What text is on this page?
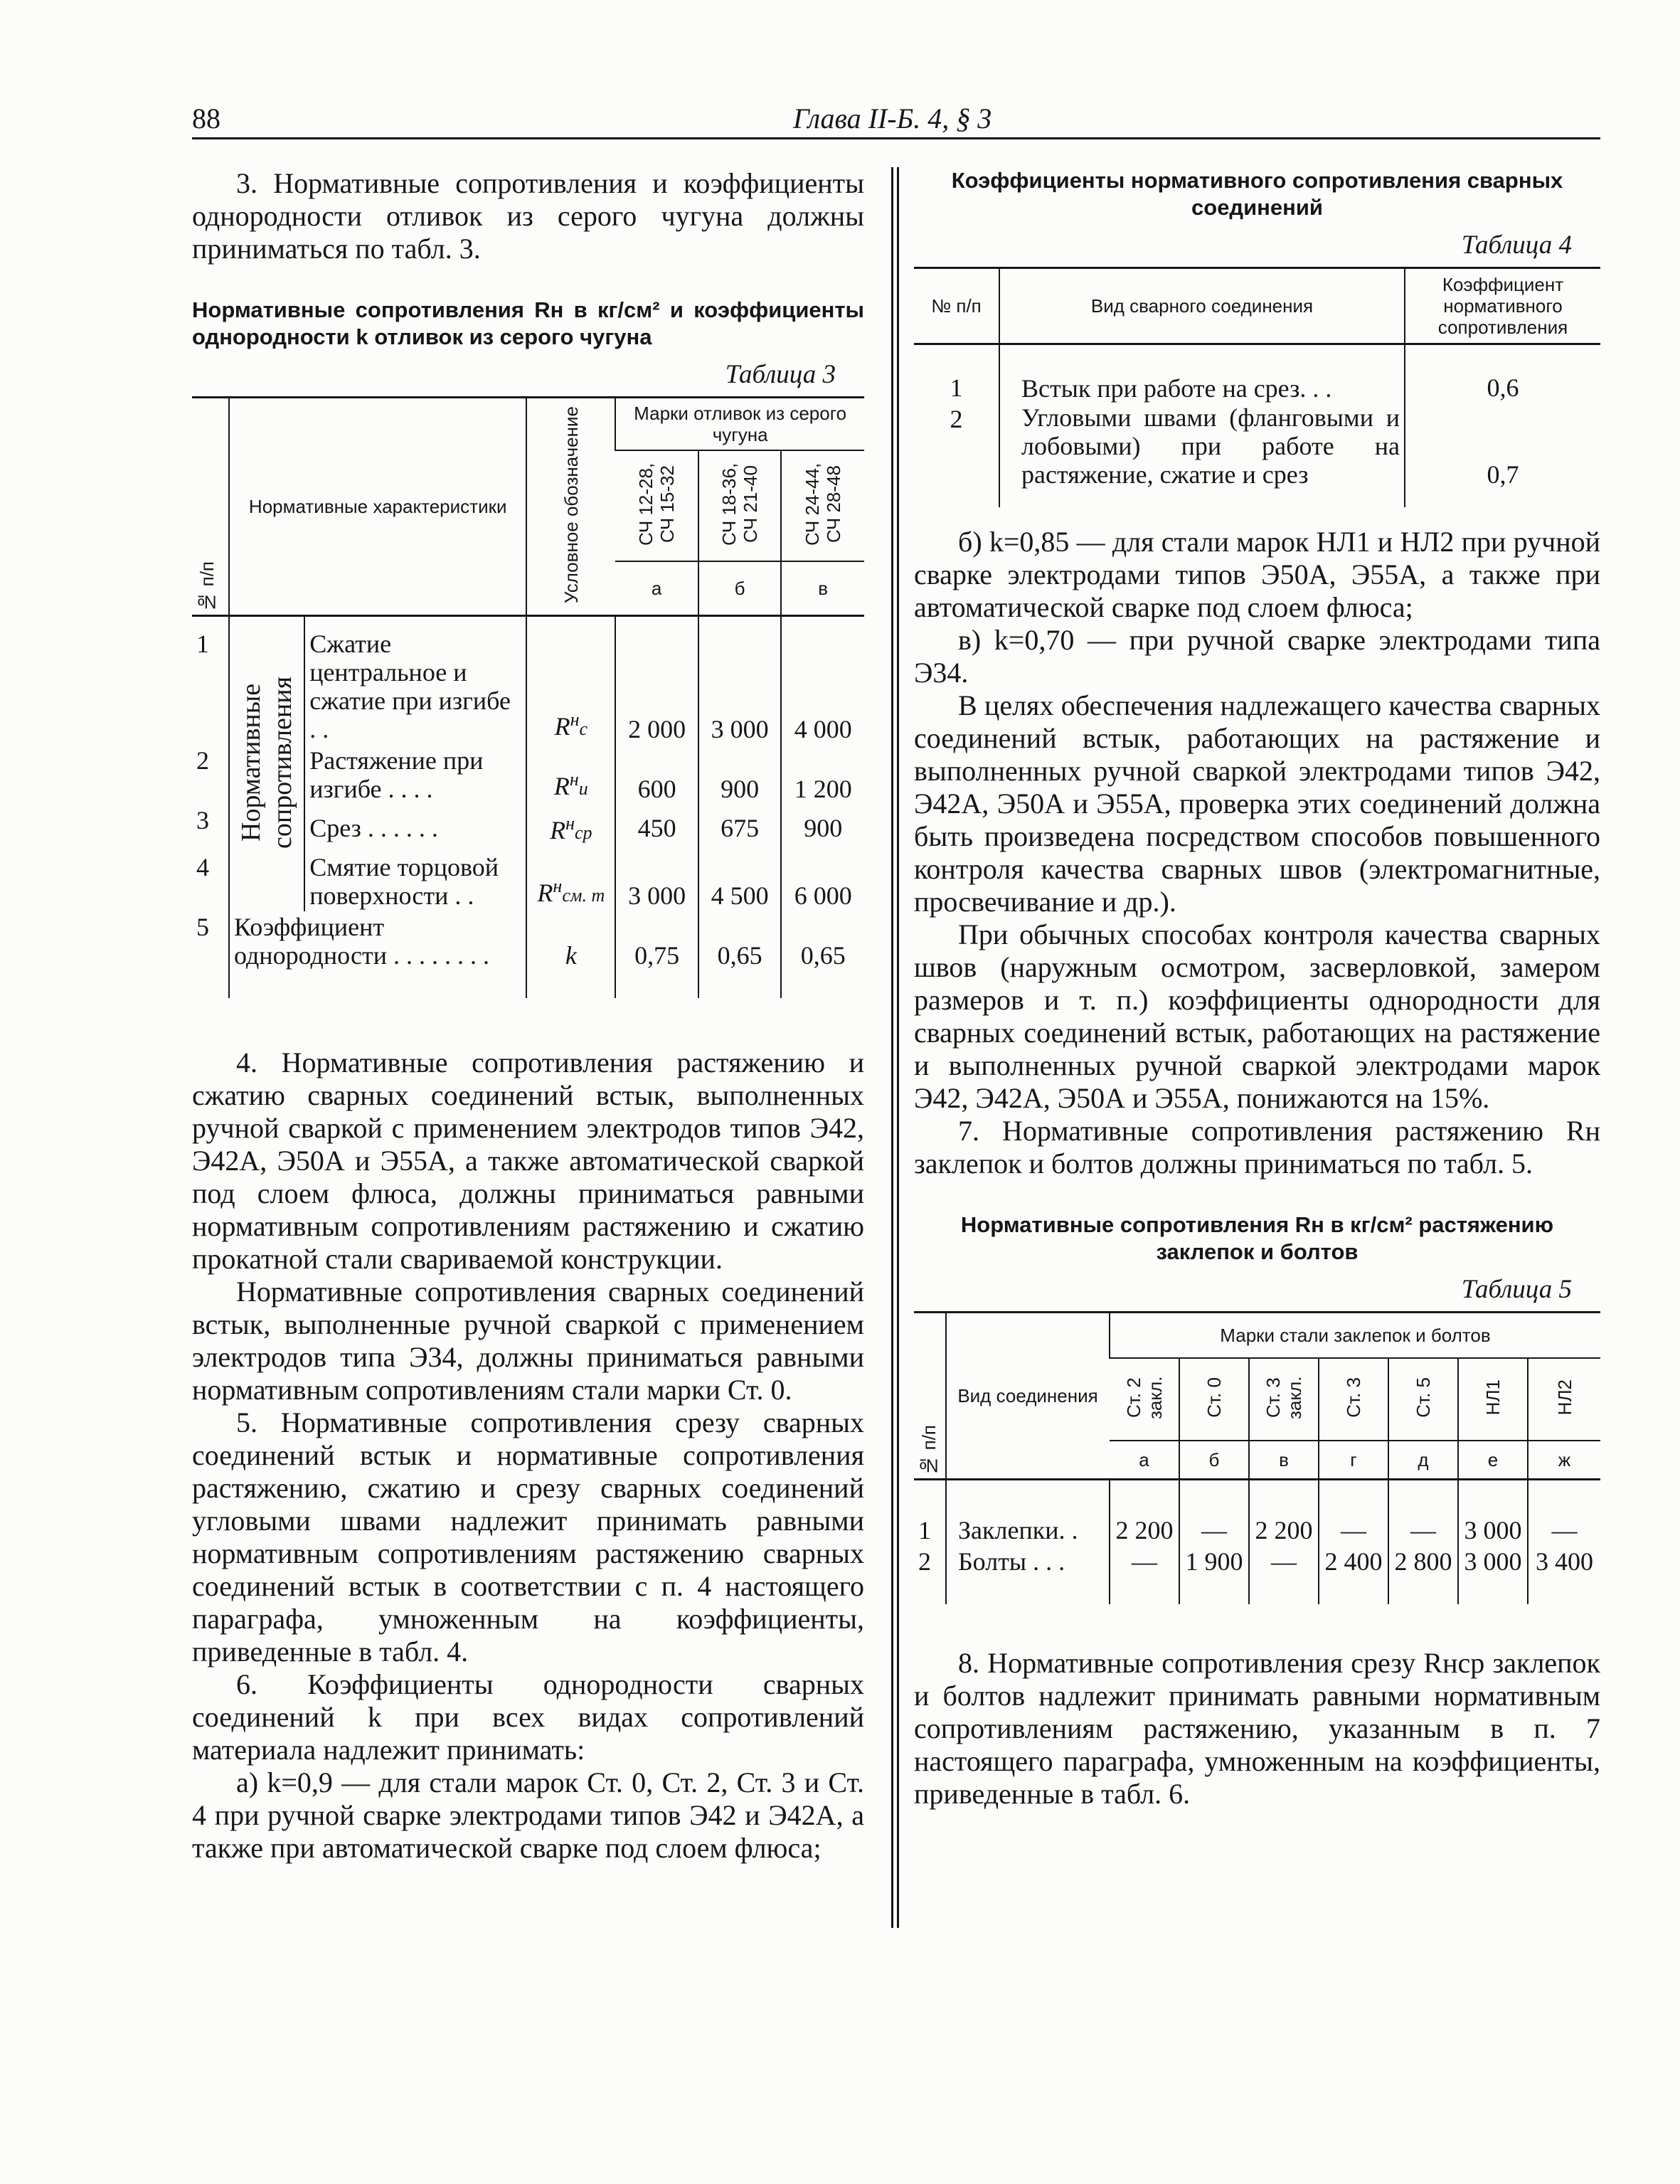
88	Глава II-Б. 4, § 3

3. Нормативные сопротивления и коэффициенты однородности отливок из серого чугуна должны приниматься по табл. 3.

Нормативные сопротивления Rн в кг/см² и коэффициенты однородности k отливок из серого чугуна
Таблица 3
№ п/п	Нормативные характеристики		Условное обозначение	Марки отливок из серого чугуна		
				СЧ 12-28, СЧ 15-32	СЧ 18-36, СЧ 21-40	СЧ 24-44, СЧ 28-48
				а	б	в
1	Нормативные сопротивления	Сжатие центральное и сжатие при изгибе . .	$R^нс$	2 000	3 000	4 000
2		Растяжение при изгибе . . . .	$R^ни$	600	900	1 200
3		Срез . . . . . .	$R^нср$	450	675	900
4		Смятие торцовой поверхности . .	$R^нсм$. т	3 000	4 500	6 000
5	Коэффициент однородности . . . . . . . .		k	0,75	0,65	0,65

4. Нормативные сопротивления растяжению и сжатию сварных соединений встык, выполненных ручной сваркой с применением электродов типов Э42, Э42А, Э50А и Э55А, а также автоматической сваркой под слоем флюса, должны приниматься равными нормативным сопротивлениям растяжению и сжатию прокатной стали свариваемой конструкции.

Нормативные сопротивления сварных соединений встык, выполненные ручной сваркой с применением электродов типа Э34, должны приниматься равными нормативным сопротивлениям стали марки Ст. 0.

5. Нормативные сопротивления срезу сварных соединений встык и нормативные сопротивления растяжению, сжатию и срезу сварных соединений угловыми швами надлежит принимать равными нормативным сопротивлениям растяжению сварных соединений встык в соответствии с п. 4 настоящего параграфа, умноженным на коэффициенты, приведенные в табл. 4.

6. Коэффициенты однородности сварных соединений k при всех видах сопротивлений материала надлежит принимать:

а) k=0,9 — для стали марок Ст. 0, Ст. 2, Ст. 3 и Ст. 4 при ручной сварке электродами типов Э42 и Э42А, а также при автоматической сварке под слоем флюса;

Коэффициенты нормативного сопротивления сварных соединений
Таблица 4
№ п/п	Вид сварного соединения	Коэффициент нормативного сопротивления
1	Встык при работе на срез. . .	0,6
2	Угловыми швами (фланговыми и лобовыми) при работе на растяжение, сжатие и срез	0,7

б) k=0,85 — для стали марок НЛ1 и НЛ2 при ручной сварке электродами типов Э50А, Э55А, а также при автоматической сварке под слоем флюса;

в) k=0,70 — при ручной сварке электродами типа Э34.

В целях обеспечения надлежащего качества сварных соединений встык, работающих на растяжение и выполненных ручной сваркой электродами типов Э42, Э42А, Э50А и Э55А, проверка этих соединений должна быть произведена посредством способов повышенного контроля качества сварных швов (электромагнитные, просвечивание и др.).

При обычных способах контроля качества сварных швов (наружным осмотром, засверловкой, замером размеров и т. п.) коэффициенты однородности для сварных соединений встык, работающих на растяжение и выполненных ручной сваркой электродами марок Э42, Э42А, Э50А и Э55А, понижаются на 15%.

7. Нормативные сопротивления растяжению Rн заклепок и болтов должны приниматься по табл. 5.

Нормативные сопротивления Rн в кг/см² растяжению заклепок и болтов
Таблица 5
№ п/п	Вид соединения	Марки стали заклепок и болтов						
		Ст. 2 закл.	Ст. 0	Ст. 3 закл.	Ст. 3	Ст. 5	НЛ1	НЛ2
		а	б	в	г	д	е	ж
1	Заклепки. .	2 200	—	2 200	—	—	3 000	—
2	Болты . . .	—	1 900	—	2 400	2 800	3 000	3 400

8. Нормативные сопротивления срезу Rнср заклепок и болтов надлежит принимать равными нормативным сопротивлениям растяжению, указанным в п. 7 настоящего параграфа, умноженным на коэффициенты, приведенные в табл. 6.
